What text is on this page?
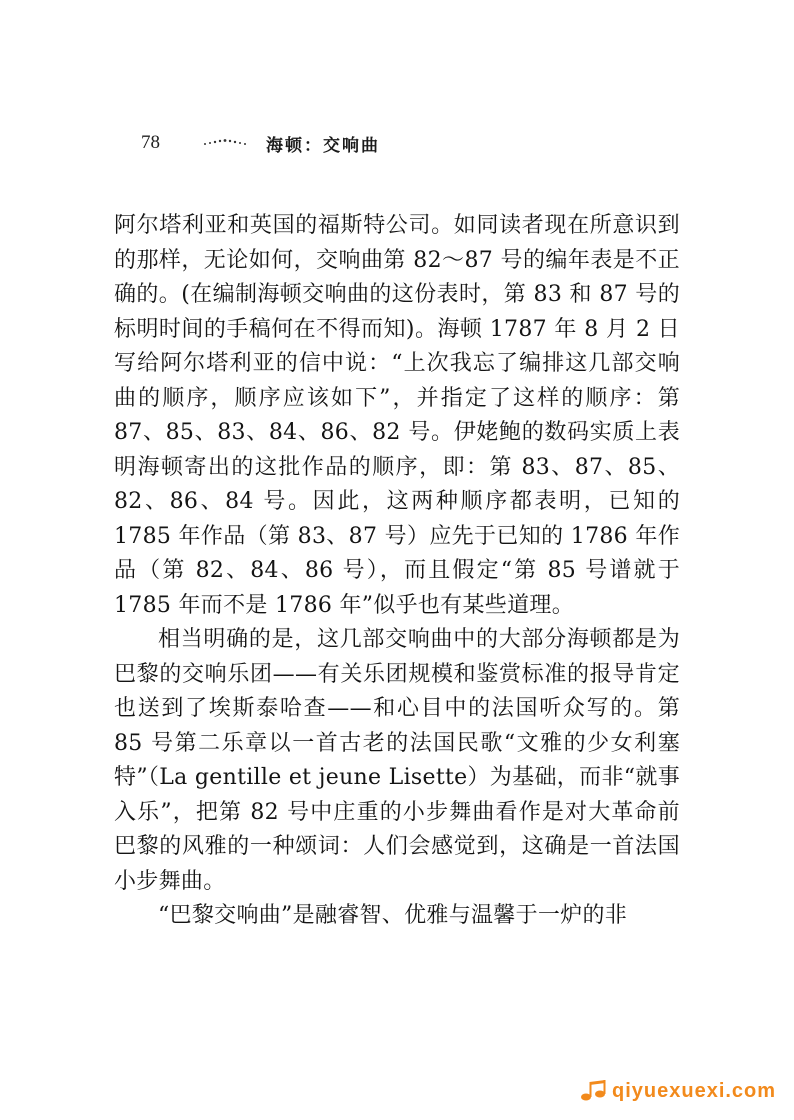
78	海顿：交响曲

阿尔塔利亚和英国的福斯特公司。如同读者现在所意识到的那样，无论如何，交响曲第 82～87 号的编年表是不正确的。(在编制海顿交响曲的这份表时，第 83 和 87 号的标明时间的手稿何在不得而知)。海顿 1787 年 8 月 2 日写给阿尔塔利亚的信中说：“上次我忘了编排这几部交响曲的顺序，顺序应该如下”，并指定了这样的顺序：第 87、85、83、84、86、82 号。伊姥鲍的数码实质上表明海顿寄出的这批作品的顺序，即：第 83、87、85、82、86、84 号。因此，这两种顺序都表明，已知的 1785 年作品（第 83、87 号）应先于已知的 1786 年作品（第 82、84、86 号），而且假定“第 85 号谱就于 1785 年而不是 1786 年”似乎也有某些道理。

相当明确的是，这几部交响曲中的大部分海顿都是为巴黎的交响乐团——有关乐团规模和鉴赏标准的报导肯定也送到了埃斯泰哈查——和心目中的法国听众写的。第 85 号第二乐章以一首古老的法国民歌“文雅的少女利塞特”（La gentille et jeune Lisette）为基础，而非“就事入乐”，把第 82 号中庄重的小步舞曲看作是对大革命前巴黎的风雅的一种颂词：人们会感觉到，这确是一首法国小步舞曲。

“巴黎交响曲”是融睿智、优雅与温馨于一炉的非

qiyuexuexi.com
